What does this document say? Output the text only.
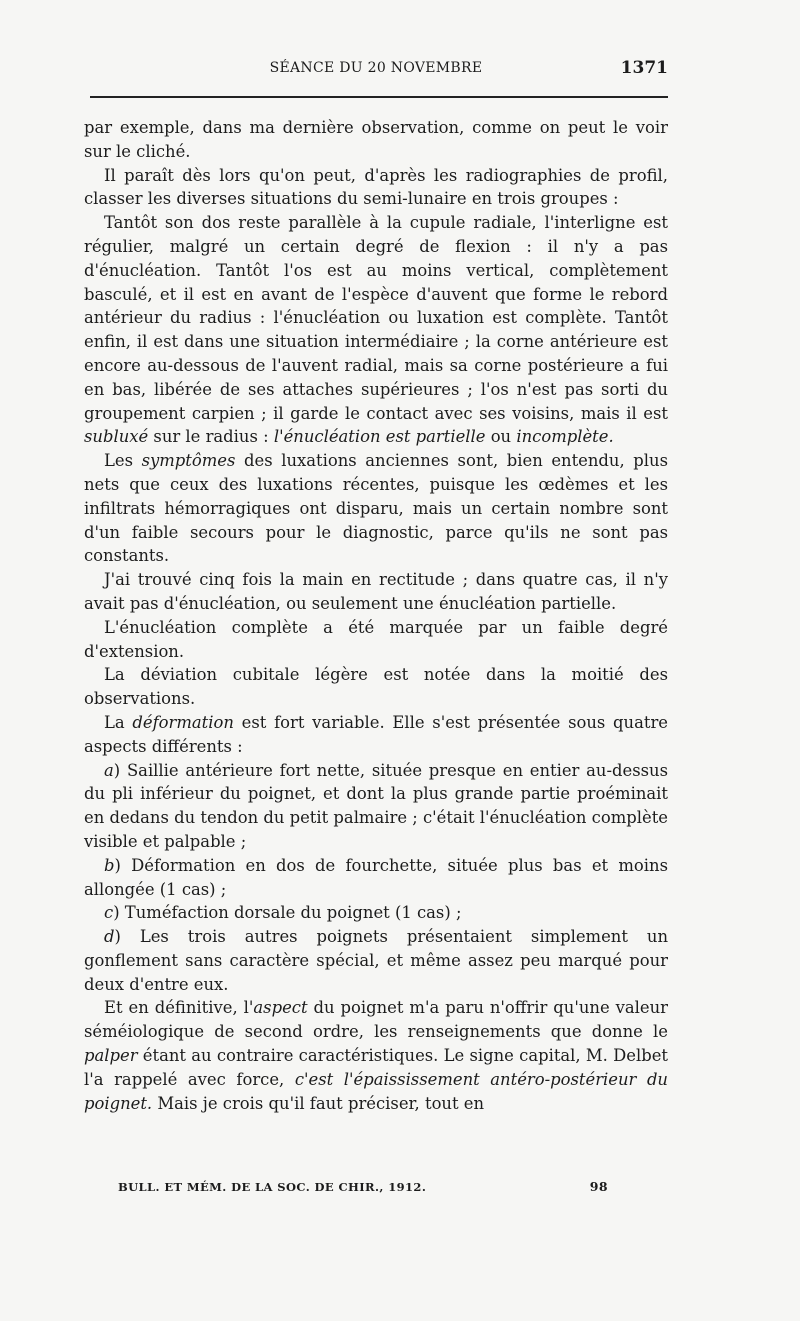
SÉANCE DU 20 NOVEMBRE	1371

par exemple, dans ma dernière observation, comme on peut le voir sur le cliché.

Il paraît dès lors qu'on peut, d'après les radiographies de profil, classer les diverses situations du semi-lunaire en trois groupes :

Tantôt son dos reste parallèle à la cupule radiale, l'interligne est régulier, malgré un certain degré de flexion : il n'y a pas d'énucléation. Tantôt l'os est au moins vertical, complètement basculé, et il est en avant de l'espèce d'auvent que forme le rebord antérieur du radius : l'énucléation ou luxation est complète. Tantôt enfin, il est dans une situation intermédiaire ; la corne antérieure est encore au-dessous de l'auvent radial, mais sa corne postérieure a fui en bas, libérée de ses attaches supérieures ; l'os n'est pas sorti du groupement carpien ; il garde le contact avec ses voisins, mais il est subluxé sur le radius : l'énucléation est partielle ou incomplète.

Les symptômes des luxations anciennes sont, bien entendu, plus nets que ceux des luxations récentes, puisque les œdèmes et les infiltrats hémorragiques ont disparu, mais un certain nombre sont d'un faible secours pour le diagnostic, parce qu'ils ne sont pas constants.

J'ai trouvé cinq fois la main en rectitude ; dans quatre cas, il n'y avait pas d'énucléation, ou seulement une énucléation partielle.

L'énucléation complète a été marquée par un faible degré d'extension.

La déviation cubitale légère est notée dans la moitié des observations.

La déformation est fort variable. Elle s'est présentée sous quatre aspects différents :

a) Saillie antérieure fort nette, située presque en entier au-dessus du pli inférieur du poignet, et dont la plus grande partie proéminait en dedans du tendon du petit palmaire ; c'était l'énucléation complète visible et palpable ;

b) Déformation en dos de fourchette, située plus bas et moins allongée (1 cas) ;

c) Tuméfaction dorsale du poignet (1 cas) ;

d) Les trois autres poignets présentaient simplement un gonflement sans caractère spécial, et même assez peu marqué pour deux d'entre eux.

Et en définitive, l'aspect du poignet m'a paru n'offrir qu'une valeur séméiologique de second ordre, les renseignements que donne le palper étant au contraire caractéristiques. Le signe capital, M. Delbet l'a rappelé avec force, c'est l'épaississement antéro-postérieur du poignet. Mais je crois qu'il faut préciser, tout en

BULL. ET MÉM. DE LA SOC. DE CHIR., 1912.	98
